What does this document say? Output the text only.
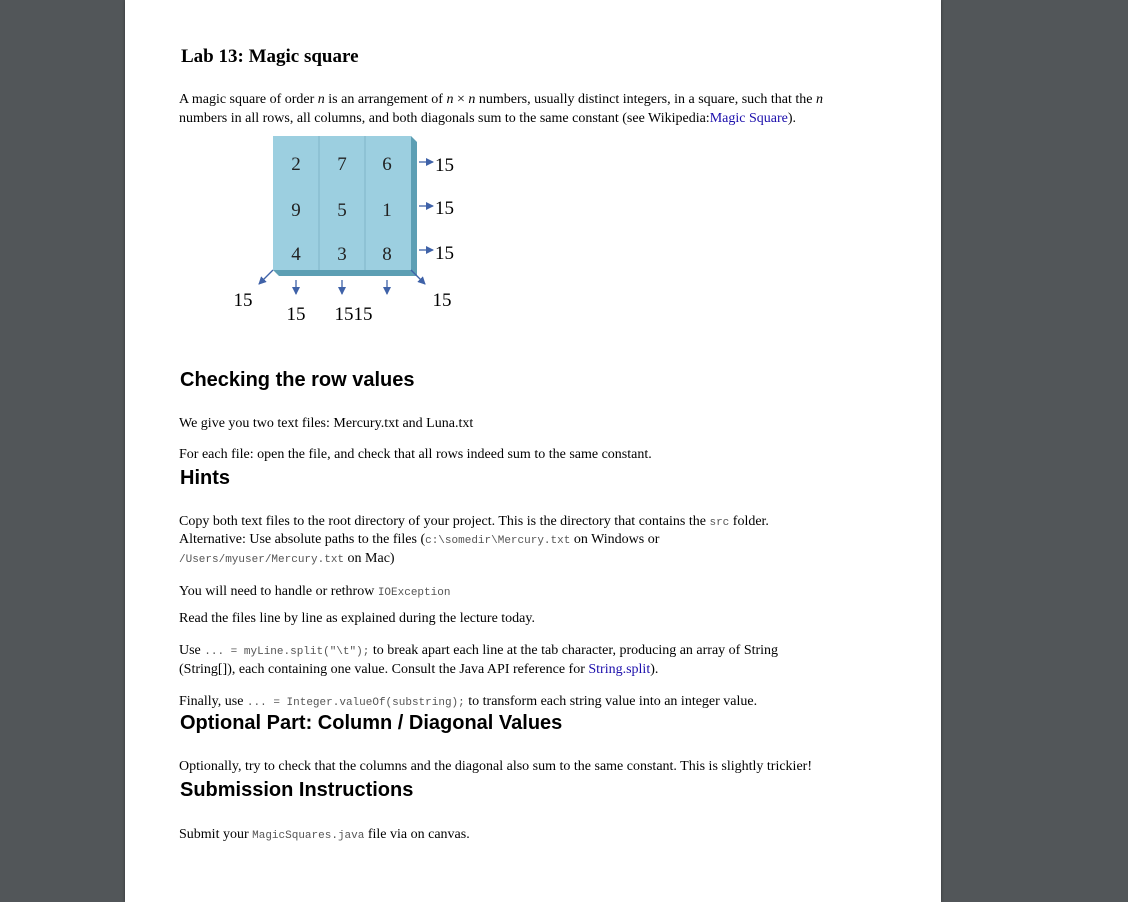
Lab 13: Magic square
A magic square of order n is an arrangement of n × n numbers, usually distinct integers, in a square, such that the n
numbers in all rows, all columns, and both diagonals sum to the same constant (see Wikipedia:Magic Square).
2 7 6
9 5 1
4 3 8
15
15
15
15 15 15
15	15
Checking the row values
We give you two text files: Mercury.txt and Luna.txt
For each file: open the file, and check that all rows indeed sum to the same constant.
Hints
Copy both text files to the root directory of your project. This is the directory that contains the src folder.
Alternative: Use absolute paths to the files (c:\somedir\Mercury.txt on Windows or
/Users/myuser/Mercury.txt on Mac)
You will need to handle or rethrow IOException
Read the files line by line as explained during the lecture today.
Use ... = myLine.split("\t"); to break apart each line at the tab character, producing an array of String
(String[]), each containing one value. Consult the Java API reference for String.split).
Finally, use ... = Integer.valueOf(substring); to transform each string value into an integer value.
Optional Part: Column / Diagonal Values
Optionally, try to check that the columns and the diagonal also sum to the same constant. This is slightly trickier!
Submission Instructions
Submit your MagicSquares.java file via on canvas.
